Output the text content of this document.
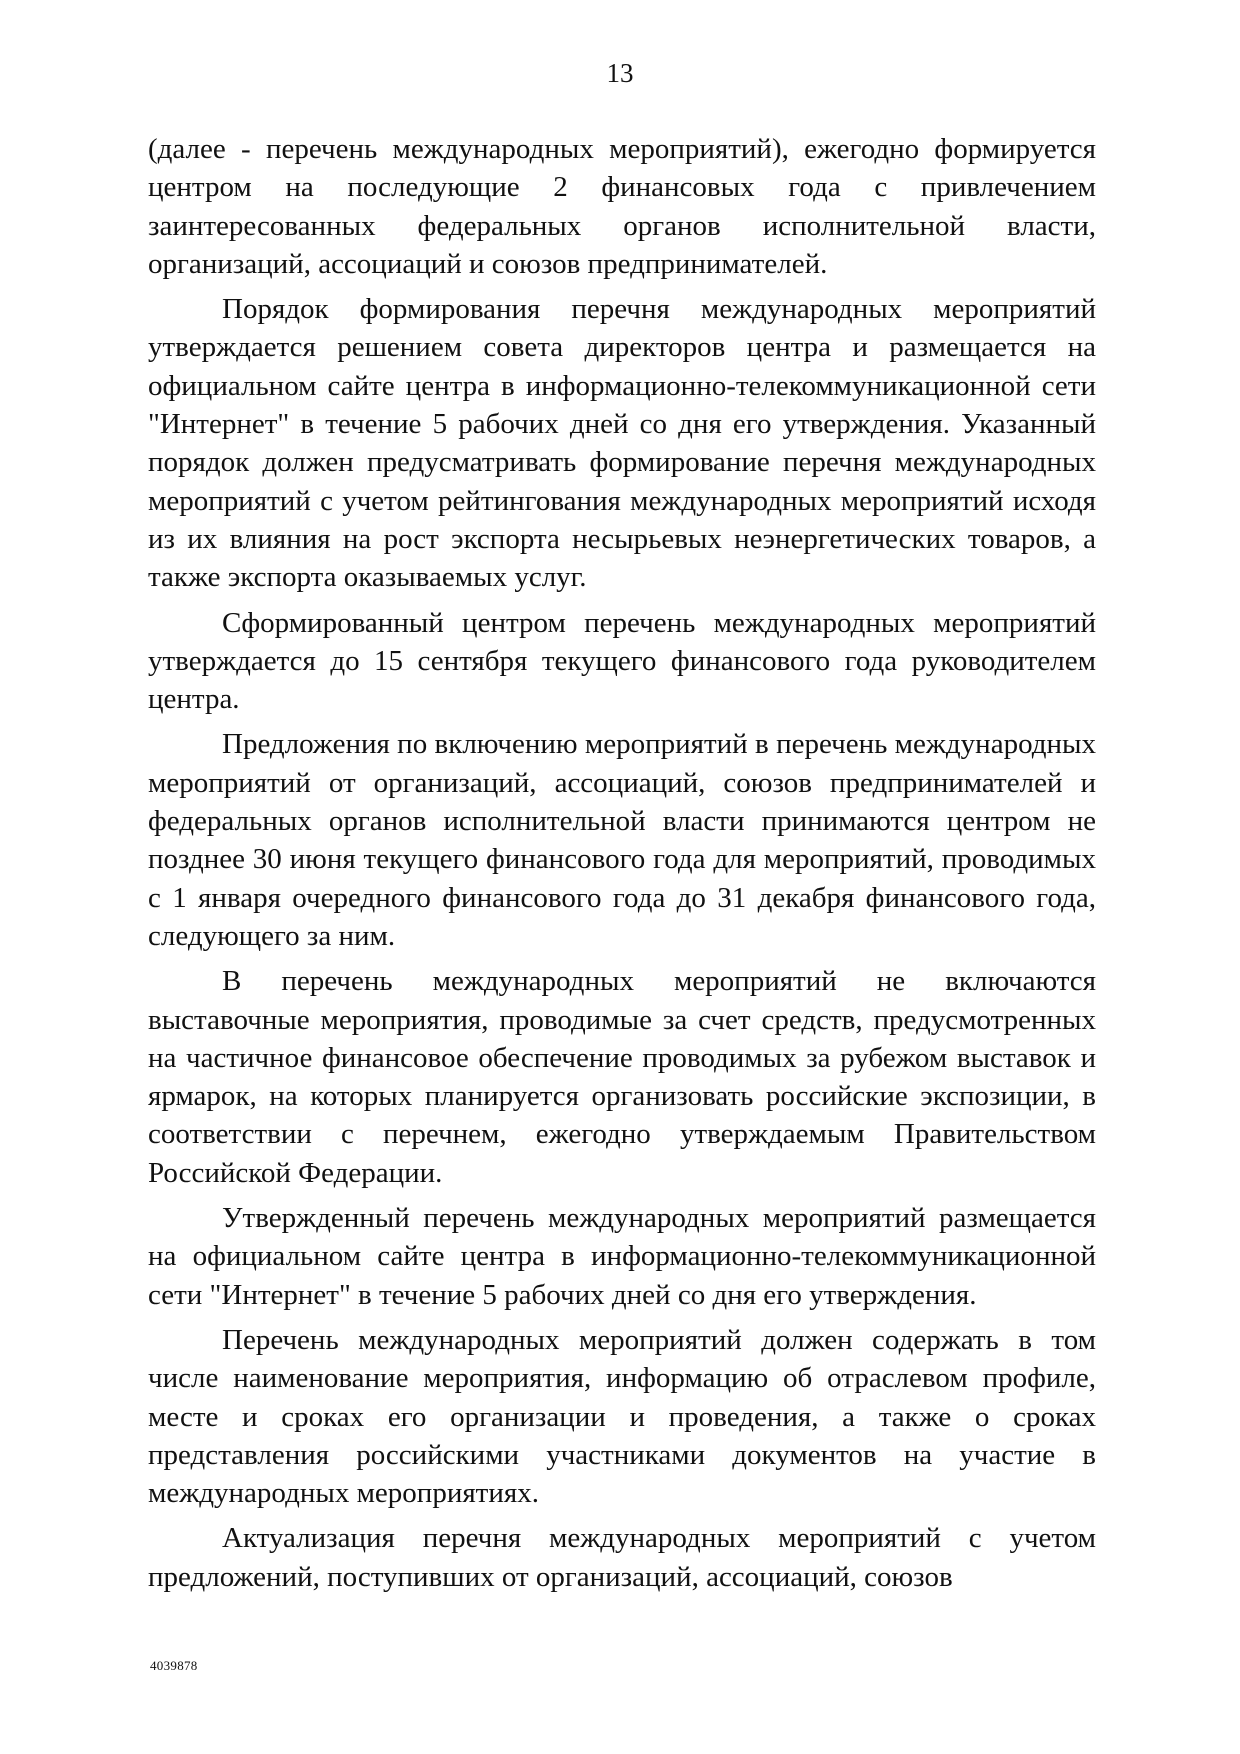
13

(далее - перечень международных мероприятий), ежегодно формируется центром на последующие 2 финансовых года с привлечением заинтересованных федеральных органов исполнительной власти, организаций, ассоциаций и союзов предпринимателей.

Порядок формирования перечня международных мероприятий утверждается решением совета директоров центра и размещается на официальном сайте центра в информационно-телекоммуникационной сети "Интернет" в течение 5 рабочих дней со дня его утверждения. Указанный порядок должен предусматривать формирование перечня международных мероприятий с учетом рейтингования международных мероприятий исходя из их влияния на рост экспорта несырьевых неэнергетических товаров, а также экспорта оказываемых услуг.

Сформированный центром перечень международных мероприятий утверждается до 15 сентября текущего финансового года руководителем центра.

Предложения по включению мероприятий в перечень международных мероприятий от организаций, ассоциаций, союзов предпринимателей и федеральных органов исполнительной власти принимаются центром не позднее 30 июня текущего финансового года для мероприятий, проводимых с 1 января очередного финансового года до 31 декабря финансового года, следующего за ним.

В перечень международных мероприятий не включаются выставочные мероприятия, проводимые за счет средств, предусмотренных на частичное финансовое обеспечение проводимых за рубежом выставок и ярмарок, на которых планируется организовать российские экспозиции, в соответствии с перечнем, ежегодно утверждаемым Правительством Российской Федерации.

Утвержденный перечень международных мероприятий размещается на официальном сайте центра в информационно-телекоммуникационной сети "Интернет" в течение 5 рабочих дней со дня его утверждения.

Перечень международных мероприятий должен содержать в том числе наименование мероприятия, информацию об отраслевом профиле, месте и сроках его организации и проведения, а также о сроках представления российскими участниками документов на участие в международных мероприятиях.

Актуализация перечня международных мероприятий с учетом предложений, поступивших от организаций, ассоциаций, союзов

4039878
